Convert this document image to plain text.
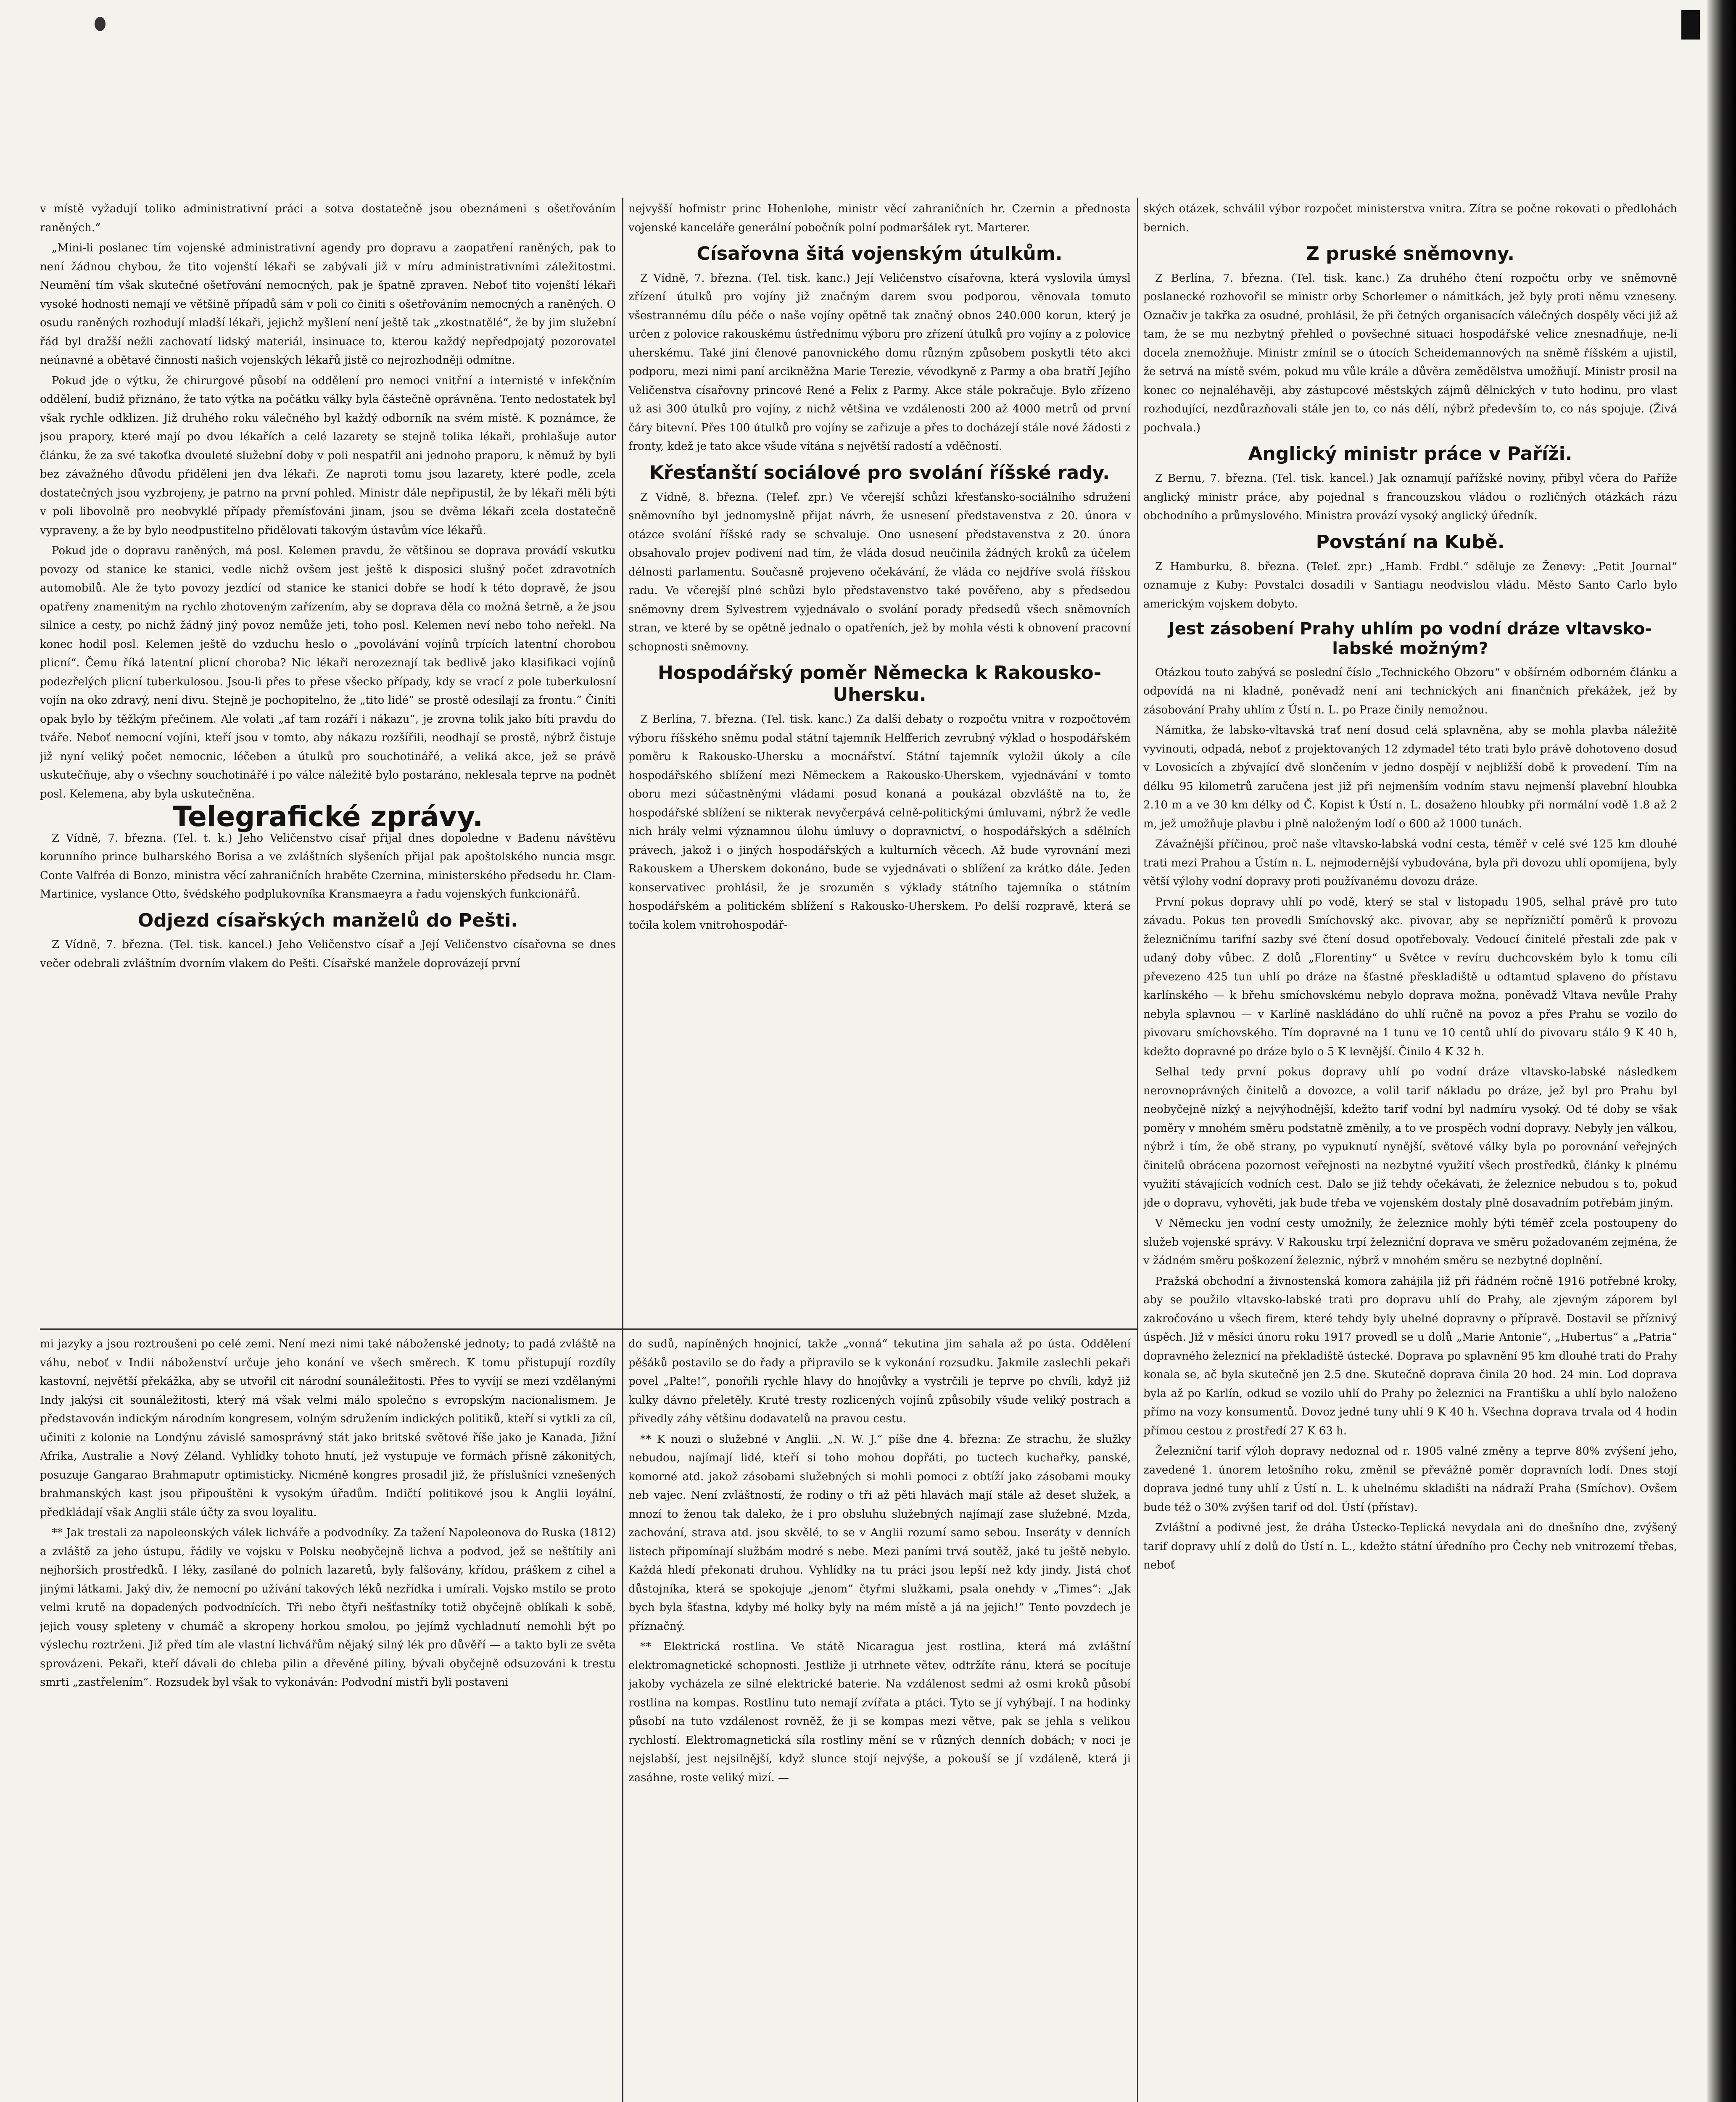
v místě vyžadují toliko administrativní práci a sotva dostatečně jsou obeznámeni s ošetřováním raněných.“

„Mini-li poslanec tím vojenské administrativní agendy pro dopravu a zaopatření raněných, pak to není žádnou chybou, že tito vojenští lékaři se zabývali již v míru administrativními záležitostmi. Neumění tím však skutečné ošetřování nemocných, pak je špatně zpraven. Neboť tito vojenští lékaři vysoké hodnosti nemají ve většině případů sám v poli co činiti s ošetřováním nemocných a raněných. O osudu raněných rozhodují mladší lékaři, jejichž myšlení není ještě tak „zkostnatělé“, že by jim služební řád byl dražší nežli zachovatí lidský materiál, insinuace to, kterou každý nepředpojatý pozorovatel neúnavné a obětavé činnosti našich vojenských lékařů jistě co nejrozhodněji odmítne.

Pokud jde o výtku, že chirurgové působí na oddělení pro nemoci vnitřní a internisté v infekčním oddělení, budiž přiznáno, že tato výtka na počátku války byla částečně oprávněna. Tento nedostatek byl však rychle odklizen. Již druhého roku válečného byl každý odborník na svém místě. K poznámce, že jsou prapory, které mají po dvou lékařích a celé lazarety se stejně tolika lékaři, prohlašuje autor článku, že za své takoťka dvouleté služební doby v poli nespatřil ani jednoho praporu, k němuž by byli bez závažného důvodu přiděleni jen dva lékaři. Ze naproti tomu jsou lazarety, které podle, zcela dostatečných jsou vyzbrojeny, je patrno na první pohled. Ministr dále nepřipustil, že by lékaři měli býti v poli libovolně pro neobvyklé případy přemísťováni jinam, jsou se dvěma lékaři zcela dostatečně vypraveny, a že by bylo neodpustitelno přidělovati takovým ústavům více lékařů.

Pokud jde o dopravu raněných, má posl. Kelemen pravdu, že většinou se doprava provádí vskutku povozy od stanice ke stanici, vedle nichž ovšem jest ještě k disposici slušný počet zdravotních automobilů. Ale že tyto povozy jezdící od stanice ke stanici dobře se hodí k této dopravě, že jsou opatřeny znamenitým na rychlo zhotoveným zařízením, aby se doprava děla co možná šetrně, a že jsou silnice a cesty, po nichž žádný jiný povoz nemůže jeti, toho posl. Kelemen neví nebo toho neřekl. Na konec hodil posl. Kelemen ještě do vzduchu heslo o „povolávání vojínů trpících latentní chorobou plicní“. Čemu říká latentní plicní choroba? Nic lékaři nerozeznají tak bedlivě jako klasifikaci vojínů podezřelých plicní tuberkulosou. Jsou-li přes to přese všecko případy, kdy se vrací z pole tuberkulosní vojín na oko zdravý, není divu. Stejně je pochopitelno, že „tito lidé“ se prostě odesílají za frontu.“ Činíti opak bylo by těžkým přečinem. Ale volati „af tam rozáří i nákazu“, je zrovna tolik jako bíti pravdu do tváře. Neboť nemocní vojíni, kteří jsou v tomto, aby nákazu rozšířili, neodhají se prostě, nýbrž čistuje již nyní veliký počet nemocnic, léčeben a útulků pro souchotinářé, a veliká akce, jež se právě uskutečňuje, aby o všechny souchotinářé i po válce náležitě bylo postaráno, neklesala teprve na podnět posl. Kelemena, aby byla uskutečněna.

Telegrafické zprávy.

Z Vídně, 7. března. (Tel. t. k.) Jeho Veličenstvo císař přijal dnes dopoledne v Badenu návštěvu korunního prince bulharského Borisa a ve zvláštních slyšeních přijal pak apoštolského nuncia msgr. Conte Valfréa di Bonzo, ministra věcí zahraničních hraběte Czernina, ministerského předsedu hr. Clam-Martinice, vyslance Otto, švédského podplukovníka Kransmaeyra a řadu vojenských funkcionářů.

Odjezd císařských manželů do Pešti.

Z Vídně, 7. března. (Tel. tisk. kancel.) Jeho Veličenstvo císař a Její Veličenstvo císařovna se dnes večer odebrali zvláštním dvorním vlakem do Pešti. Císařské manžele doprovázejí první

nejvyšší hofmistr princ Hohenlohe, ministr věcí zahraničních hr. Czernin a přednosta vojenské kanceláře generální pobočník polní podmaršálek ryt. Marterer.

Císařovna šitá vojenským útulkům.

Z Vídně, 7. března. (Tel. tisk. kanc.) Její Veličenstvo císařovna, která vyslovila úmysl zřízení útulků pro vojíny již značným darem svou podporou, věnovala tomuto všestrannému dílu péče o naše vojíny opětně tak značný obnos 240.000 korun, který je určen z polovice rakouskému ústřednímu výboru pro zřízení útulků pro vojíny a z polovice uherskému. Také jiní členové panovnického domu různým způsobem poskytli této akci podporu, mezi nimi paní arcikněžna Marie Terezie, vévodkyně z Parmy a oba bratří Jejího Veličenstva císařovny princové René a Felix z Parmy. Akce stále pokračuje. Bylo zřízeno už asi 300 útulků pro vojíny, z nichž většina ve vzdálenosti 200 až 4000 metrů od první čáry bitevní. Přes 100 útulků pro vojíny se zařizuje a přes to docházejí stále nové žádosti z fronty, kdež je tato akce všude vítána s největší radostí a vděčností.

Křesťanští sociálové pro svolání říšské rady.

Z Vídně, 8. března. (Telef. zpr.) Ve včerejší schůzi křesťansko-sociálního sdružení sněmovního byl jednomyslně přijat návrh, že usnesení představenstva z 20. února v otázce svolání říšské rady se schvaluje. Ono usnesení představenstva z 20. února obsahovalo projev podivení nad tím, že vláda dosud neučinila žádných kroků za účelem délnosti parlamentu. Současně projeveno očekávání, že vláda co nejdříve svolá říšskou radu. Ve včerejší plné schůzi bylo představenstvo také pověřeno, aby s předsedou sněmovny drem Sylvestrem vyjednávalo o svolání porady předsedů všech sněmovních stran, ve které by se opětně jednalo o opatřeních, jež by mohla vésti k obnovení pracovní schopnosti sněmovny.

Hospodářský poměr Německa k Rakousko-Uhersku.

Z Berlína, 7. března. (Tel. tisk. kanc.) Za další debaty o rozpočtu vnitra v rozpočtovém výboru říšského sněmu podal státní tajemník Helfferich zevrubný výklad o hospodářském poměru k Rakousko-Uhersku a mocnářství. Státní tajemník vyložil úkoly a cíle hospodářského sblížení mezi Německem a Rakousko-Uherskem, vyjednávání v tomto oboru mezi súčastněnými vládami posud konaná a poukázal obzvláště na to, že hospodářské sblížení se nikterak nevyčerpává celně-politickými úmluvami, nýbrž že vedle nich hrály velmi významnou úlohu úmluvy o dopravnictví, o hospodářských a sdělních právech, jakož i o jiných hospodářských a kulturních věcech. Až bude vyrovnání mezi Rakouskem a Uherskem dokonáno, bude se vyjednávati o sblížení za krátko dále. Jeden konservativec prohlásil, že je srozuměn s výklady státního tajemníka o státním hospodářském a politickém sblížení s Rakousko-Uherskem. Po delší rozpravě, která se točila kolem vnitrohospodář-

ských otázek, schválil výbor rozpočet ministerstva vnitra. Zítra se počne rokovati o předlohách bernich.

Z pruské sněmovny.

Z Berlína, 7. března. (Tel. tisk. kanc.) Za druhého čtení rozpočtu orby ve sněmovně poslanecké rozhovořil se ministr orby Schorlemer o námitkách, jež byly proti němu vzneseny. Označiv je takřka za osudné, prohlásil, že při četných organisacích válečných dospěly věci již až tam, že se mu nezbytný přehled o povšechné situaci hospodářské velice znesnadňuje, ne-li docela znemožňuje. Ministr zmínil se o útocích Scheidemannových na sněmě říšském a ujistil, že setrvá na místě svém, pokud mu vůle krále a důvěra zemědělstva umožňují. Ministr prosil na konec co nejnaléhavěji, aby zástupcové městských zájmů dělnických v tuto hodinu, pro vlast rozhodující, nezdůrazňovali stále jen to, co nás dělí, nýbrž především to, co nás spojuje. (Živá pochvala.)

Anglický ministr práce v Paříži.

Z Bernu, 7. března. (Tel. tisk. kancel.) Jak oznamují pařížské noviny, přibyl včera do Paříže anglický ministr práce, aby pojednal s francouzskou vládou o rozličných otázkách rázu obchodního a průmyslového. Ministra provází vysoký anglický úředník.

Povstání na Kubě.

Z Hamburku, 8. března. (Telef. zpr.) „Hamb. Frdbl.“ sděluje ze Ženevy: „Petit Journal“ oznamuje z Kuby: Povstalci dosadili v Santiagu neodvislou vládu. Město Santo Carlo bylo americkým vojskem dobyto.

Jest zásobení Prahy uhlím po vodní dráze vltavsko-labské možným?

Otázkou touto zabývá se poslední číslo „Technického Obzoru“ v obšírném odborném článku a odpovídá na ni kladně, poněvadž není ani technických ani finančních překážek, jež by zásobování Prahy uhlím z Ústí n. L. po Praze činily nemožnou.

Námitka, že labsko-vltavská trať není dosud celá splavněna, aby se mohla plavba náležitě vyvinouti, odpadá, neboť z projektovaných 12 zdymadel této trati bylo právě dohotoveno dosud v Lovosicích a zbývající dvě slončením v jedno dospějí v nejbližší době k provedení. Tím na délku 95 kilometrů zaručena jest již při nejmenším vodním stavu nejmenší plavební hloubka 2.10 m a ve 30 km délky od Č. Kopist k Ústí n. L. dosaženo hloubky při normální vodě 1.8 až 2 m, jež umožňuje plavbu i plně naloženým lodí o 600 až 1000 tunách.

Závažnější příčinou, proč naše vltavsko-labská vodní cesta, téměř v celé své 125 km dlouhé trati mezi Prahou a Ústím n. L. nejmodernější vybudována, byla při dovozu uhlí opomíjena, byly větší výlohy vodní dopravy proti používanému dovozu dráze.

První pokus dopravy uhlí po vodě, který se stal v listopadu 1905, selhal právě pro tuto závadu. Pokus ten provedli Smíchovský akc. pivovar, aby se nepřízničtí poměrů k provozu železničnímu tarifní sazby své čtení dosud opotřebovaly. Vedoucí činitelé přestali zde pak v udaný doby vůbec. Z dolů „Florentiny“ u Světce v revíru duchcovském bylo k tomu cíli převezeno 425 tun uhlí po dráze na šťastné přeskladiště u odtamtud splaveno do přístavu karlínského — k břehu smíchovskému nebylo doprava možna, poněvadž Vltava nevůle Prahy nebyla splavnou — v Karlíně naskládáno do uhlí ručně na povoz a přes Prahu se vozilo do pivovaru smíchovského. Tím dopravné na 1 tunu ve 10 centů uhlí do pivovaru stálo 9 K 40 h, kdežto dopravné po dráze bylo o 5 K levnější. Činilo 4 K 32 h.

Selhal tedy první pokus dopravy uhlí po vodní dráze vltavsko-labské následkem nerovnoprávných činitelů a dovozce, a volil tarif nákladu po dráze, jež byl pro Prahu byl neobyčejně nízký a nejvýhodnější, kdežto tarif vodní byl nadmíru vysoký. Od té doby se však poměry v mnohém směru podstatně změnily, a to ve prospěch vodní dopravy. Nebyly jen válkou, nýbrž i tím, že obě strany, po vypuknutí nynější, světové války byla po porovnání veřejných činitelů obrácena pozornost veřejnosti na nezbytné využití všech prostředků, články k plnému využití stávajících vodních cest. Dalo se již tehdy očekávati, že železnice nebudou s to, pokud jde o dopravu, vyhověti, jak bude třeba ve vojenském dostaly plně dosavadním potřebám jiným.

V Německu jen vodní cesty umožnily, že železnice mohly býti téměř zcela postoupeny do služeb vojenské správy. V Rakousku trpí železniční doprava ve směru požadovaném zejména, že v žádném směru poškození železnic, nýbrž v mnohém směru se nezbytné doplnění.

Pražská obchodní a živnostenská komora zahájila již při řádném ročně 1916 potřebné kroky, aby se použilo vltavsko-labské trati pro dopravu uhlí do Prahy, ale zjevným záporem byl zakročováno u všech firem, které tehdy byly uhelné dopravny o přípravě. Dostavil se příznivý úspěch. Již v měsíci únoru roku 1917 provedl se u dolů „Marie Antonie“, „Hubertus“ a „Patria“ dopravného železnicí na překladiště ústecké. Doprava po splavnění 95 km dlouhé trati do Prahy konala se, ač byla skutečně jen 2.5 dne. Skutečně doprava činila 20 hod. 24 min. Lod doprava byla až po Karlín, odkud se vozilo uhlí do Prahy po železnici na Františku a uhlí bylo naloženo přímo na vozy konsumentů. Dovoz jedné tuny uhlí 9 K 40 h. Všechna doprava trvala od 4 hodin přímou cestou z prostředí 27 K 63 h.

Železniční tarif výloh dopravy nedoznal od r. 1905 valné změny a teprve 80% zvýšení jeho, zavedené 1. únorem letošního roku, změnil se převážně poměr dopravních lodí. Dnes stojí doprava jedné tuny uhlí z Ústí n. L. k uhelnému skladišti na nádraží Praha (Smíchov). Ovšem bude též o 30% zvýšen tarif od dol. Ústí (přístav).

Zvláštní a podivné jest, že dráha Ústecko-Teplická nevydala ani do dnešního dne, zvýšený tarif dopravy uhlí z dolů do Ústí n. L., kdežto státní úředního pro Čechy neb vnitrozemí třebas, neboť

mi jazyky a jsou roztroušeni po celé zemi. Není mezi nimi také náboženské jednoty; to padá zvláště na váhu, neboť v Indii náboženství určuje jeho konání ve všech směrech. K tomu přistupují rozdíly kastovní, největší překážka, aby se utvořil cit národní sounáležitosti. Přes to vyvíjí se mezi vzdělanými Indy jakýsi cit sounáležitosti, který má však velmi málo společno s evropským nacionalismem. Je představován indickým národním kongresem, volným sdružením indických politiků, kteří si vytkli za cíl, učiniti z kolonie na Londýnu závislé samosprávný stát jako britské světové říše jako je Kanada, Jižní Afrika, Australie a Nový Zéland. Vyhlídky tohoto hnutí, jež vystupuje ve formách přísně zákonitých, posuzuje Gangarao Brahmaputr optimisticky. Nicméně kongres prosadil již, že příslušníci vznešených brahmanských kast jsou připouštěni k vysokým úřadům. Indičtí politikové jsou k Anglii loyální, předkládají však Anglii stále účty za svou loyalitu.

** Jak trestali za napoleonských válek lichváře a podvodníky. Za tažení Napoleonova do Ruska (1812) a zvláště za jeho ústupu, řádily ve vojsku v Polsku neobyčejně lichva a podvod, jež se neštítily ani nejhorších prostředků. I léky, zasílané do polních lazaretů, byly falšovány, křídou, práškem z cihel a jinými látkami. Jaký div, že nemocní po užívání takových léků nezřídka i umírali. Vojsko mstilo se proto velmi krutě na dopadených podvodnících. Tři nebo čtyři nešťastníky totiž obyčejně oblíkali k sobě, jejich vousy spleteny v chumáč a skropeny horkou smolou, po jejímž vychladnutí nemohli být po výslechu roztrženi. Již před tím ale vlastní lichvářům nějaký silný lék pro důvěří — a takto byli ze světa sprovázeni. Pekaři, kteří dávali do chleba pilin a dřevěné piliny, bývali obyčejně odsuzováni k trestu smrti „zastřelením“. Rozsudek byl však to vykonáván: Podvodní mistři byli postaveni

do sudů, napíněných hnojnicí, takže „vonná“ tekutina jim sahala až po ústa. Oddělení pěšáků postavilo se do řady a připravilo se k vykonání rozsudku. Jakmile zaslechli pekaři povel „Palte!“, ponořili rychle hlavy do hnojůvky a vystrčili je teprve po chvíli, když již kulky dávno přeletěly. Kruté tresty rozlicených vojínů způsobily všude veliký postrach a přivedly záhy většinu dodavatelů na pravou cestu.

** K nouzi o služebné v Anglii. „N. W. J.“ píše dne 4. března: Ze strachu, že služky nebudou, najímají lidé, kteří si toho mohou dopřáti, po tuctech kuchařky, panské, komorné atd. jakož zásobami služebných si mohli pomoci z obtíží jako zásobami mouky neb vajec. Není zvláštností, že rodiny o tři až pěti hlavách mají stále až deset služek, a mnozí to ženou tak daleko, že i pro obsluhu služebných najímají zase služebné. Mzda, zachování, strava atd. jsou skvělé, to se v Anglii rozumí samo sebou. Inseráty v denních listech připomínají službám modré s nebe. Mezi paními trvá soutěž, jaké tu ještě nebylo. Každá hledí překonati druhou. Vyhlídky na tu práci jsou lepší než kdy jindy. Jistá choť důstojníka, která se spokojuje „jenom“ čtyřmi služkami, psala onehdy v „Times“: „Jak bych byla šťastna, kdyby mé holky byly na mém místě a já na jejich!“ Tento povzdech je příznačný.

** Elektrická rostlina. Ve státě Nicaragua jest rostlina, která má zvláštní elektromagnetické schopnosti. Jestliže ji utrhnete větev, odtržíte ránu, která se pocítuje jakoby vycházela ze silné elektrické baterie. Na vzdálenost sedmi až osmi kroků působí rostlina na kompas. Rostlinu tuto nemají zvířata a ptáci. Tyto se jí vyhýbají. I na hodinky působí na tuto vzdálenost rovněž, že ji se kompas mezi větve, pak se jehla s velikou rychlostí. Elektromagnetická síla rostliny mění se v různých denních dobách; v noci je nejslabší, jest nejsilnější, když slunce stojí nejvýše, a pokouší se jí vzdáleně, která ji zasáhne, roste veliký mizí. —
